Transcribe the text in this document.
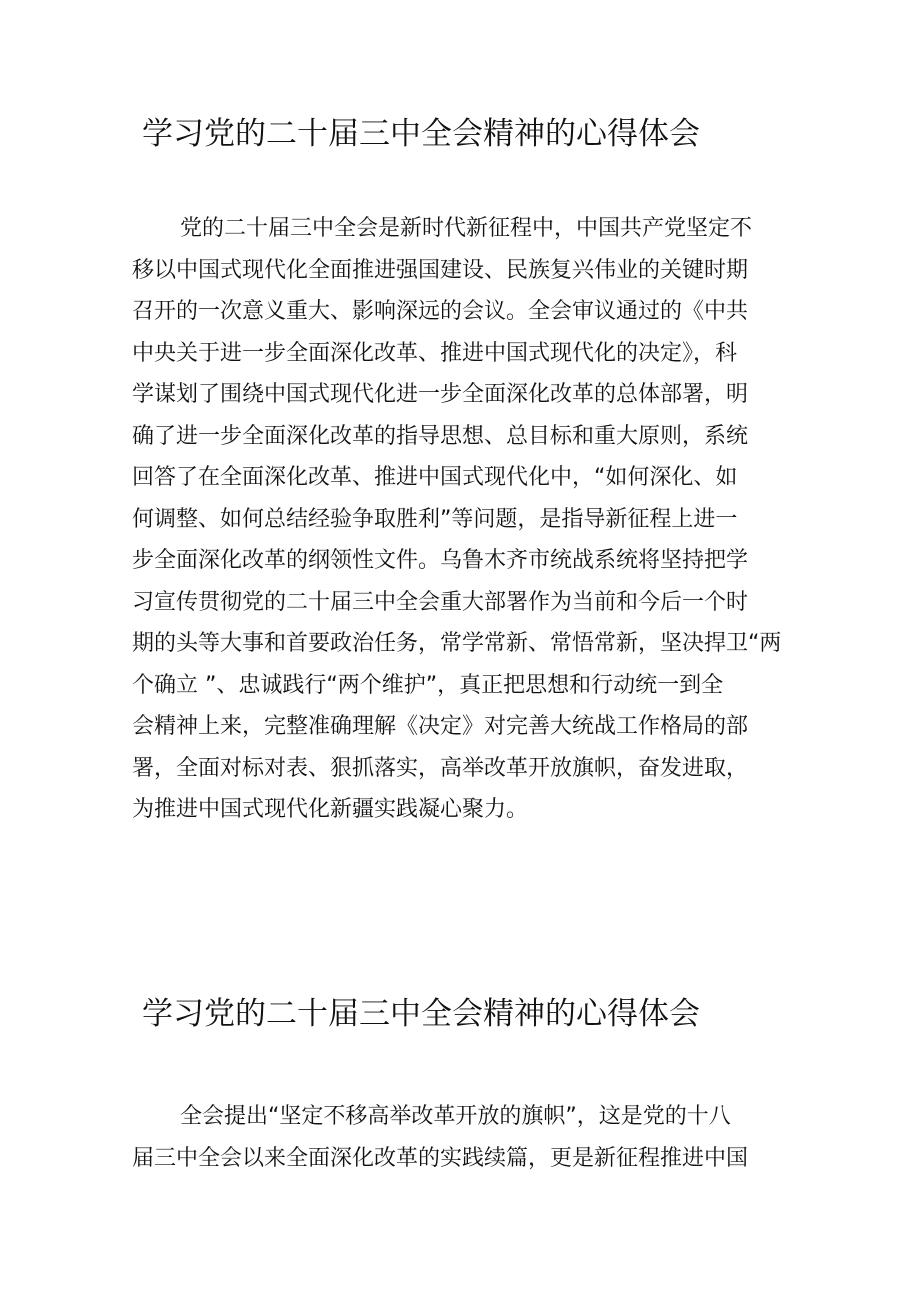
学习党的二十届三中全会精神的心得体会
党的二十届三中全会是新时代新征程中，中国共产党坚定不
移以中国式现代化全面推进强国建设、民族复兴伟业的关键时期
召开的一次意义重大、影响深远的会议。全会审议通过的《中共
中央关于进一步全面深化改革、推进中国式现代化的决定》，科
学谋划了围绕中国式现代化进一步全面深化改革的总体部署，明
确了进一步全面深化改革的指导思想、总目标和重大原则，系统
回答了在全面深化改革、推进中国式现代化中，“如何深化、如
何调整、如何总结经验争取胜利”等问题，是指导新征程上进一
步全面深化改革的纲领性文件。乌鲁木齐市统战系统将坚持把学
习宣传贯彻党的二十届三中全会重大部署作为当前和今后一个时
期的头等大事和首要政治任务，常学常新、常悟常新，坚决捍卫“两
个确立 ”、忠诚践行“两个维护”，真正把思想和行动统一到全
会精神上来，完整准确理解《决定》对完善大统战工作格局的部
署，全面对标对表、狠抓落实，高举改革开放旗帜，奋发进取，
为推进中国式现代化新疆实践凝心聚力。
学习党的二十届三中全会精神的心得体会
全会提出“坚定不移高举改革开放的旗帜”，这是党的十八
届三中全会以来全面深化改革的实践续篇，更是新征程推进中国
